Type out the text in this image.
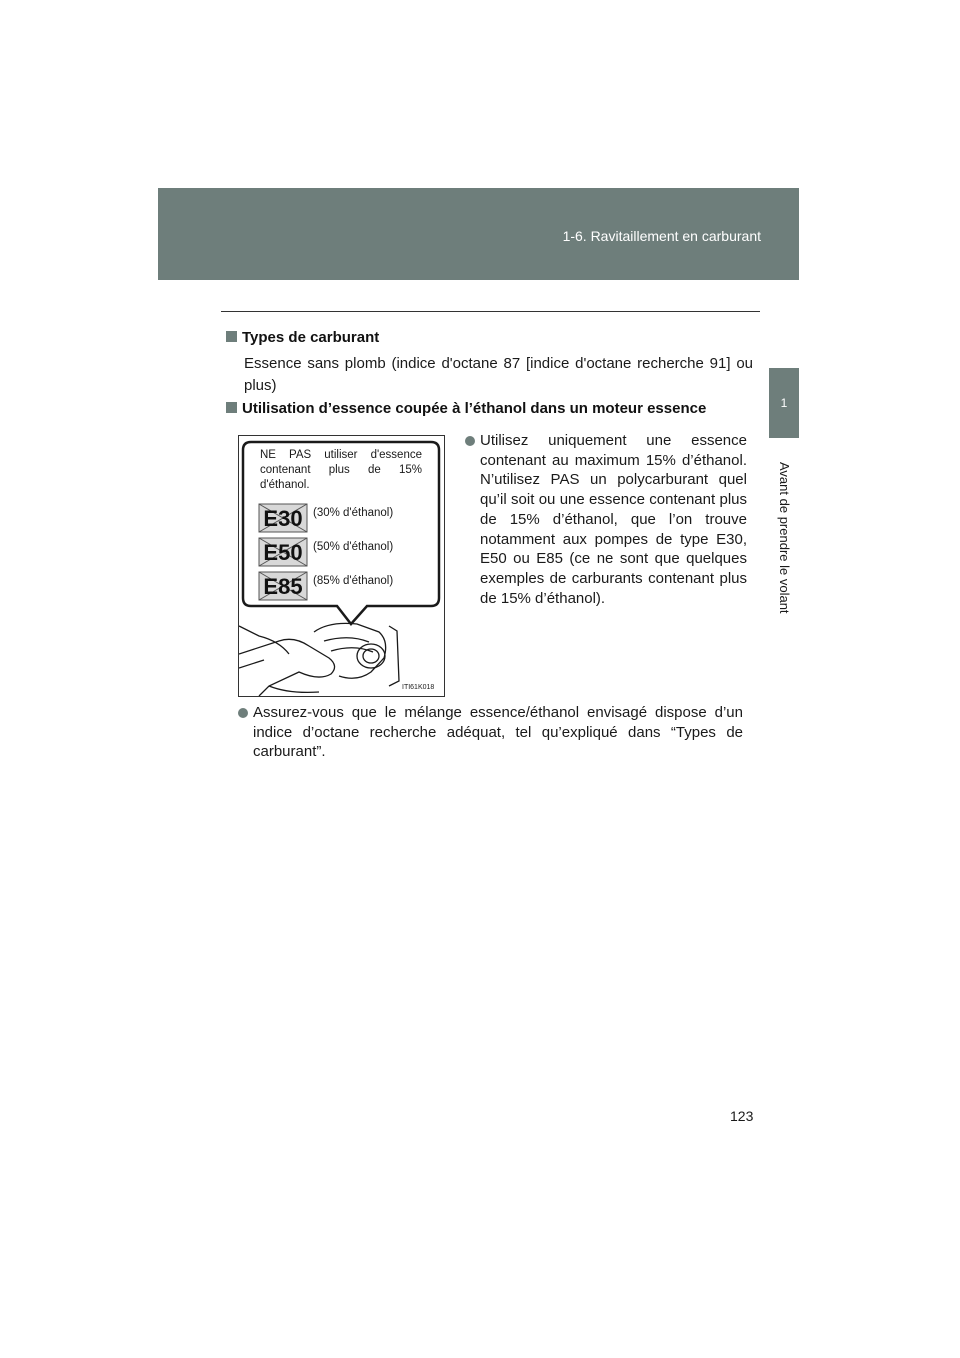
1-6. Ravitaillement en carburant
1
Avant de prendre le volant
Types de carburant
Essence sans plomb (indice d'octane 87 [indice d'octane recherche 91] ou plus)
Utilisation d’essence coupée à l’éthanol dans un moteur essence
NE PAS utiliser d'essence contenant plus de 15% d'éthanol.
E30
E50
E85
(30% d'éthanol)
(50% d'éthanol)
(85% d'éthanol)
ITI61K018
Utilisez uniquement une essence contenant au maximum 15% d’éthanol. N’utilisez PAS un polycarburant quel qu’il soit ou une essence contenant plus de 15% d’éthanol, que l’on trouve notamment aux pompes de type E30, E50 ou E85 (ce ne sont que quelques exemples de carburants contenant plus de 15% d’éthanol).
Assurez-vous que le mélange essence/éthanol envisagé dispose d’un indice d’octane recherche adéquat, tel qu’expliqué dans “Types de carburant”.
123
